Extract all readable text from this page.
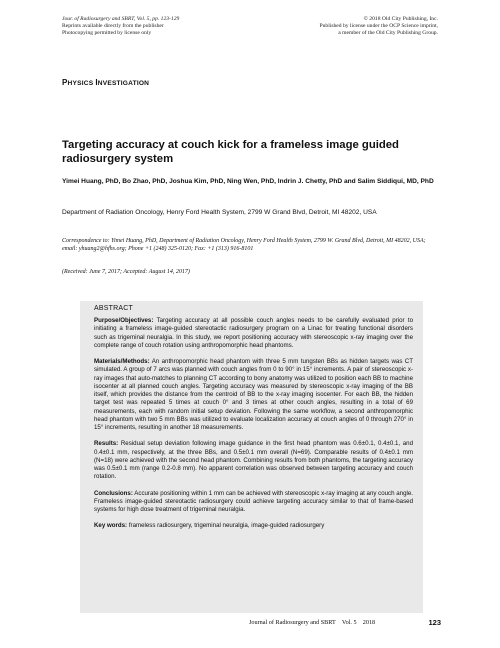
Jour. of Radiosurgery and SBRT, Vol. 5, pp. 123-129
Reprints available directly from the publisher
Photocopying permitted by license only
© 2018 Old City Publishing, Inc.
Published by license under the OCP Science imprint,
a member of the Old City Publishing Group.
PHYSICS INVESTIGATION
Targeting accuracy at couch kick for a frameless image guided radiosurgery system
Yimei Huang, PhD, Bo Zhao, PhD, Joshua Kim, PhD, Ning Wen, PhD, Indrin J. Chetty, PhD and Salim Siddiqui, MD, PhD
Department of Radiation Oncology, Henry Ford Health System, 2799 W Grand Blvd, Detroit, MI 48202, USA
Correspondence to: Yimei Huang, PhD, Department of Radiation Oncology, Henry Ford Health System, 2799 W. Grand Blvd, Detroit, MI 48202, USA; email: yhuang2@hfhs.org; Phone +1 (248) 325-0120; Fax: +1 (313) 916-8101
(Received: June 7, 2017; Accepted: August 14, 2017)
ABSTRACT

Purpose/Objectives: Targeting accuracy at all possible couch angles needs to be carefully evaluated prior to initiating a frameless image-guided stereotactic radiosurgery program on a Linac for treating functional disorders such as trigeminal neuralgia. In this study, we report positioning accuracy with stereoscopic x-ray imaging over the complete range of couch rotation using anthropomorphic head phantoms.

Materials/Methods: An anthropomorphic head phantom with three 5 mm tungsten BBs as hidden targets was CT simulated. A group of 7 arcs was planned with couch angles from 0 to 90° in 15° increments. A pair of stereoscopic x-ray images that auto-matches to planning CT according to bony anatomy was utilized to position each BB to machine isocenter at all planned couch angles. Targeting accuracy was measured by stereoscopic x-ray imaging of the BB itself, which provides the distance from the centroid of BB to the x-ray imaging isocenter. For each BB, the hidden target test was repeated 5 times at couch 0° and 3 times at other couch angles, resulting in a total of 69 measurements, each with random initial setup deviation. Following the same workflow, a second anthropomorphic head phantom with two 5 mm BBs was utilized to evaluate localization accuracy at couch angles of 0 through 270° in 15° increments, resulting in another 18 measurements.

Results: Residual setup deviation following image guidance in the first head phantom was 0.6±0.1, 0.4±0.1, and 0.4±0.1 mm, respectively, at the three BBs, and 0.5±0.1 mm overall (N=69). Comparable results of 0.4±0.1 mm (N=18) were achieved with the second head phantom. Combining results from both phantoms, the targeting accuracy was 0.5±0.1 mm (range 0.2-0.8 mm). No apparent correlation was observed between targeting accuracy and couch rotation.

Conclusions: Accurate positioning within 1 mm can be achieved with stereoscopic x-ray imaging at any couch angle. Frameless image-guided stereotactic radiosurgery could achieve targeting accuracy similar to that of frame-based systems for high dose treatment of trigeminal neuralgia.

Key words: frameless radiosurgery, trigeminal neuralgia, image-guided radiosurgery

Journal of Radiosurgery and SBRT Vol. 5 2018	123
